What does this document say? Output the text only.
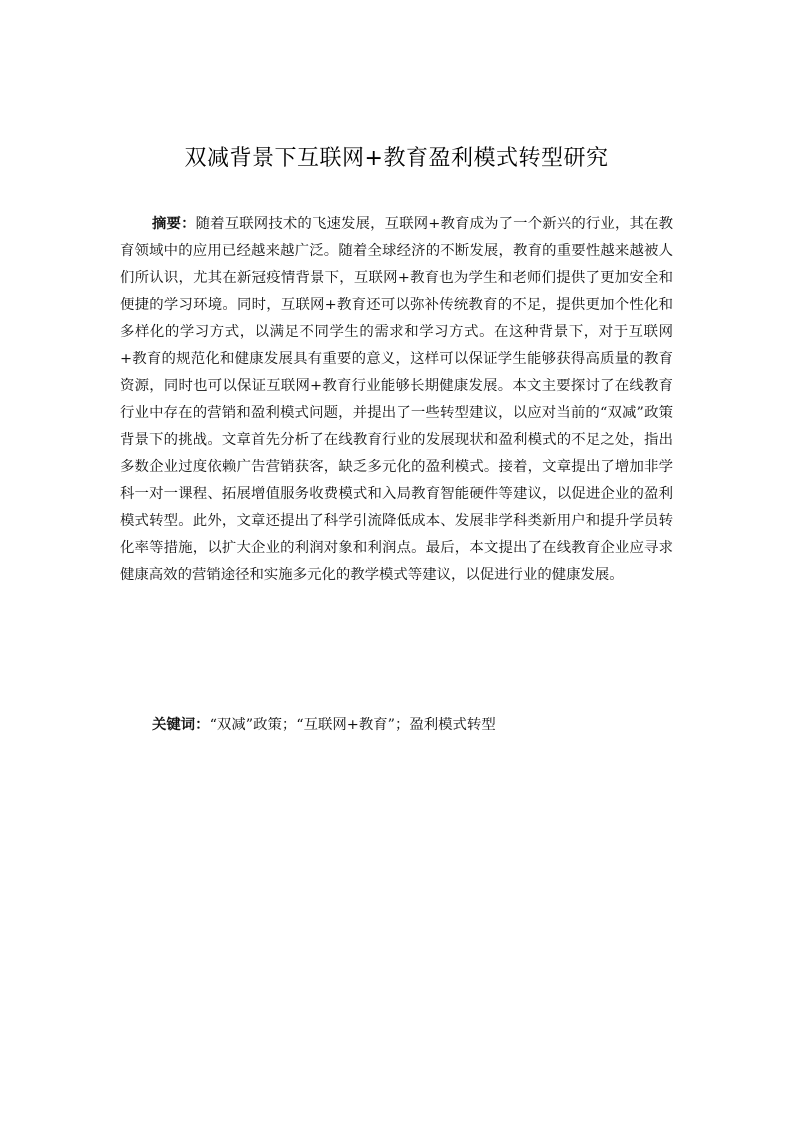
双减背景下互联网+教育盈利模式转型研究

摘要：随着互联网技术的飞速发展，互联网+教育成为了一个新兴的行业，其在教育领域中的应用已经越来越广泛。随着全球经济的不断发展，教育的重要性越来越被人们所认识，尤其在新冠疫情背景下，互联网+教育也为学生和老师们提供了更加安全和便捷的学习环境。同时，互联网+教育还可以弥补传统教育的不足，提供更加个性化和多样化的学习方式，以满足不同学生的需求和学习方式。在这种背景下，对于互联网+教育的规范化和健康发展具有重要的意义，这样可以保证学生能够获得高质量的教育资源，同时也可以保证互联网+教育行业能够长期健康发展。本文主要探讨了在线教育行业中存在的营销和盈利模式问题，并提出了一些转型建议，以应对当前的“双减”政策背景下的挑战。文章首先分析了在线教育行业的发展现状和盈利模式的不足之处，指出多数企业过度依赖广告营销获客，缺乏多元化的盈利模式。接着，文章提出了增加非学科一对一课程、拓展增值服务收费模式和入局教育智能硬件等建议，以促进企业的盈利模式转型。此外，文章还提出了科学引流降低成本、发展非学科类新用户和提升学员转化率等措施，以扩大企业的利润对象和利润点。最后，本文提出了在线教育企业应寻求健康高效的营销途径和实施多元化的教学模式等建议，以促进行业的健康发展。

关键词：“双减”政策；“互联网+教育”；盈利模式转型
